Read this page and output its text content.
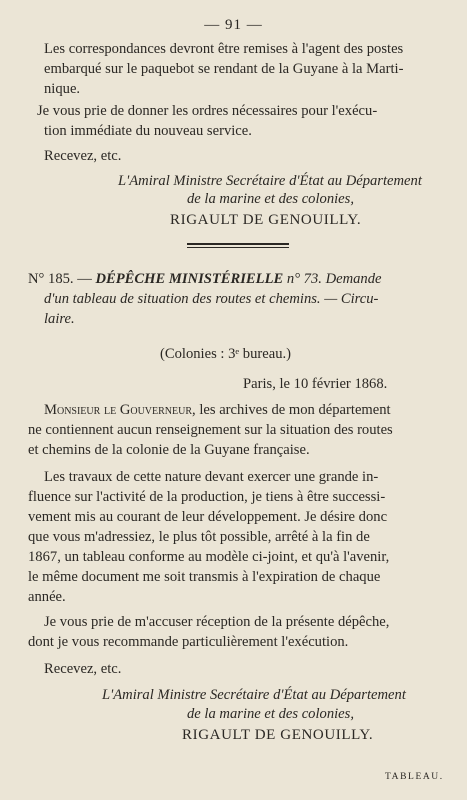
— 91 —
Les correspondances devront être remises à l'agent des postes
embarqué sur le paquebot se rendant de la Guyane à la Marti-
nique.
Je vous prie de donner les ordres nécessaires pour l'exécu-
tion immédiate du nouveau service.
Recevez, etc.
L'Amiral Ministre Secrétaire d'État au Département
de la marine et des colonies,
RIGAULT DE GENOUILLY.
N° 185. — DÉPÊCHE MINISTÉRIELLE n° 73. Demande
d'un tableau de situation des routes et chemins. — Circu-
laire.
(Colonies : 3ᵉ bureau.)
Paris, le 10 février 1868.
Monsieur le Gouverneur, les archives de mon département
ne contiennent aucun renseignement sur la situation des routes
et chemins de la colonie de la Guyane française.
Les travaux de cette nature devant exercer une grande in-
fluence sur l'activité de la production, je tiens à être successi-
vement mis au courant de leur développement. Je désire donc
que vous m'adressiez, le plus tôt possible, arrêté à la fin de
1867, un tableau conforme au modèle ci-joint, et qu'à l'avenir,
le même document me soit transmis à l'expiration de chaque
année.
Je vous prie de m'accuser réception de la présente dépêche,
dont je vous recommande particulièrement l'exécution.
Recevez, etc.
L'Amiral Ministre Secrétaire d'État au Département
de la marine et des colonies,
RIGAULT DE GENOUILLY.
TABLEAU.
